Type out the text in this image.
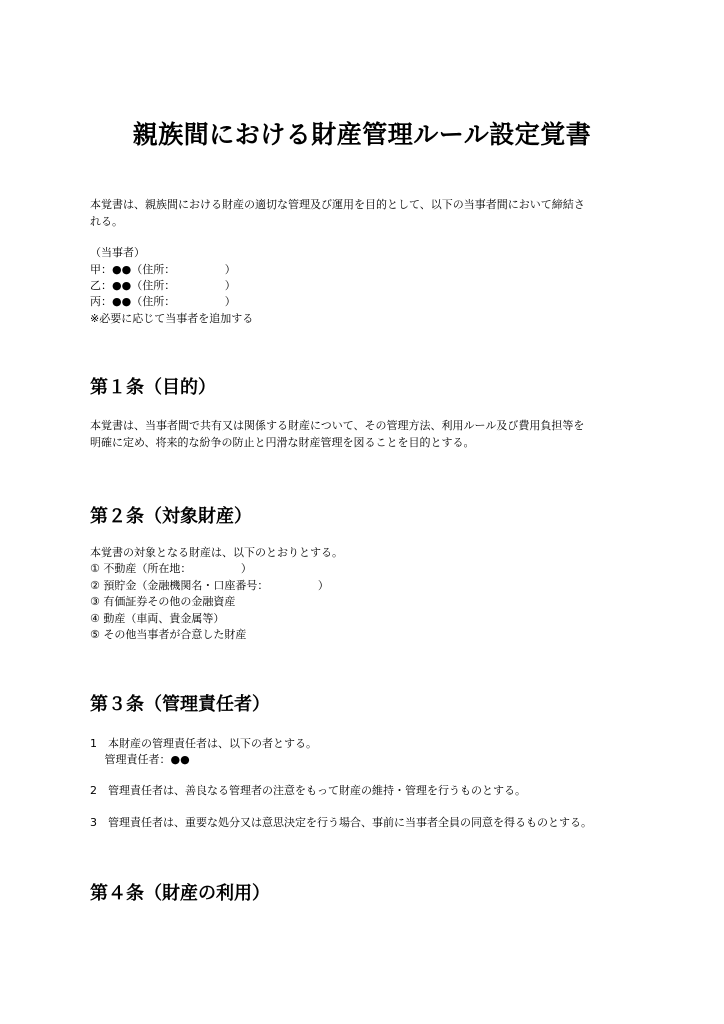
親族間における財産管理ルール設定覚書

本覚書は、親族間における財産の適切な管理及び運用を目的として、以下の当事者間において締結さ

れる。

（当事者）

甲：●●（住所：　　　　　）

乙：●●（住所：　　　　　）

丙：●●（住所：　　　　　）

※必要に応じて当事者を追加する

第１条（目的）

本覚書は、当事者間で共有又は関係する財産について、その管理方法、利用ルール及び費用負担等を

明確に定め、将来的な紛争の防止と円滑な財産管理を図ることを目的とする。

第２条（対象財産）

本覚書の対象となる財産は、以下のとおりとする。

① 不動産（所在地：　　　　　）

② 預貯金（金融機関名・口座番号：　　　　　）

③ 有価証券その他の金融資産

④ 動産（車両、貴金属等）

⑤ その他当事者が合意した財産

第３条（管理責任者）

1　本財産の管理責任者は、以下の者とする。

　 管理責任者：●●

2　管理責任者は、善良なる管理者の注意をもって財産の維持・管理を行うものとする。

3　管理責任者は、重要な処分又は意思決定を行う場合、事前に当事者全員の同意を得るものとする。

第４条（財産の利用）
